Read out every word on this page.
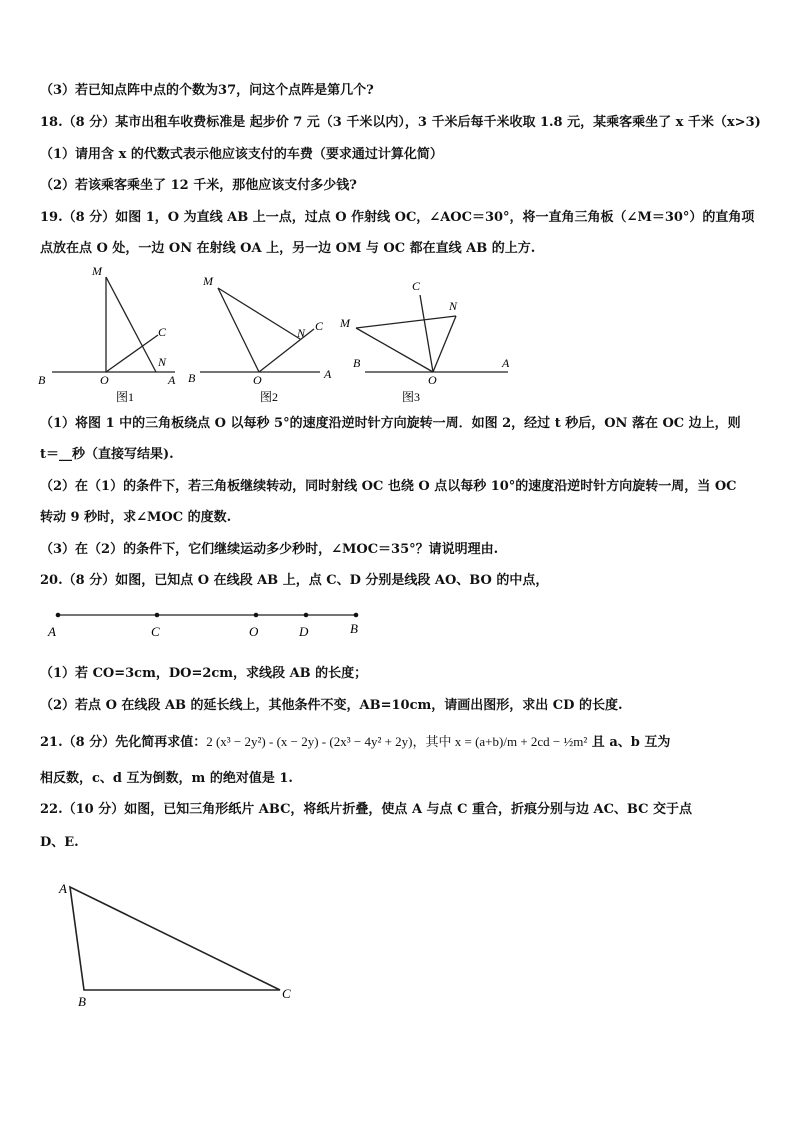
（3）若已知点阵中点的个数为37，问这个点阵是第几个?
18.（8 分）某市出租车收费标准是 起步价 7 元（3 千米以内），3 千米后每千米收取 1.8 元，某乘客乘坐了 x 千米（x>3)
（1）请用含 x 的代数式表示他应该支付的车费（要求通过计算化简）
（2）若该乘客乘坐了 12 千米，那他应该支付多少钱?
19.（8 分）如图 1，O 为直线 AB 上一点，过点 O 作射线 OC，∠AOC＝30°，将一直角三角板（∠M＝30°）的直角项
点放在点 O 处，一边 ON 在射线 OA 上，另一边 OM 与 OC 都在直线 AB 的上方.
M
C
N
B	O	A
图1
M
N C
B	O	A
图2
C
N
M
B
O
A
图3
（1）将图 1 中的三角板绕点 O 以每秒 5°的速度沿逆时针方向旋转一周．如图 2，经过 t 秒后，ON 落在 OC 边上，则
t＝__秒（直接写结果).
（2）在（1）的条件下，若三角板继续转动，同时射线 OC 也绕 O 点以每秒 10°的速度沿逆时针方向旋转一周，当 OC
转动 9 秒时，求∠MOC 的度数.
（3）在（2）的条件下，它们继续运动多少秒时，∠MOC＝35°？请说明理由.
20.（8 分）如图，已知点 O 在线段 AB 上，点 C、D 分别是线段 AO、BO 的中点，
A	C	O	D	B
（1）若 CO=3cm，DO=2cm，求线段 AB 的长度；
（2）若点 O 在线段 AB 的延长线上，其他条件不变，AB=10cm，请画出图形，求出 CD 的长度.
21.（8 分）先化简再求值：2 (x³ − 2y²) - (x − 2y) - (2x³ − 4y² + 2y)，其中 x = (a+b)/m + 2cd − ½m² 且 a、b 互为
相反数，c、d 互为倒数，m 的绝对值是 1.
22.（10 分）如图，已知三角形纸片 ABC，将纸片折叠，使点 A 与点 C 重合，折痕分别与边 AC、BC 交于点
D、E.
A
B
C
